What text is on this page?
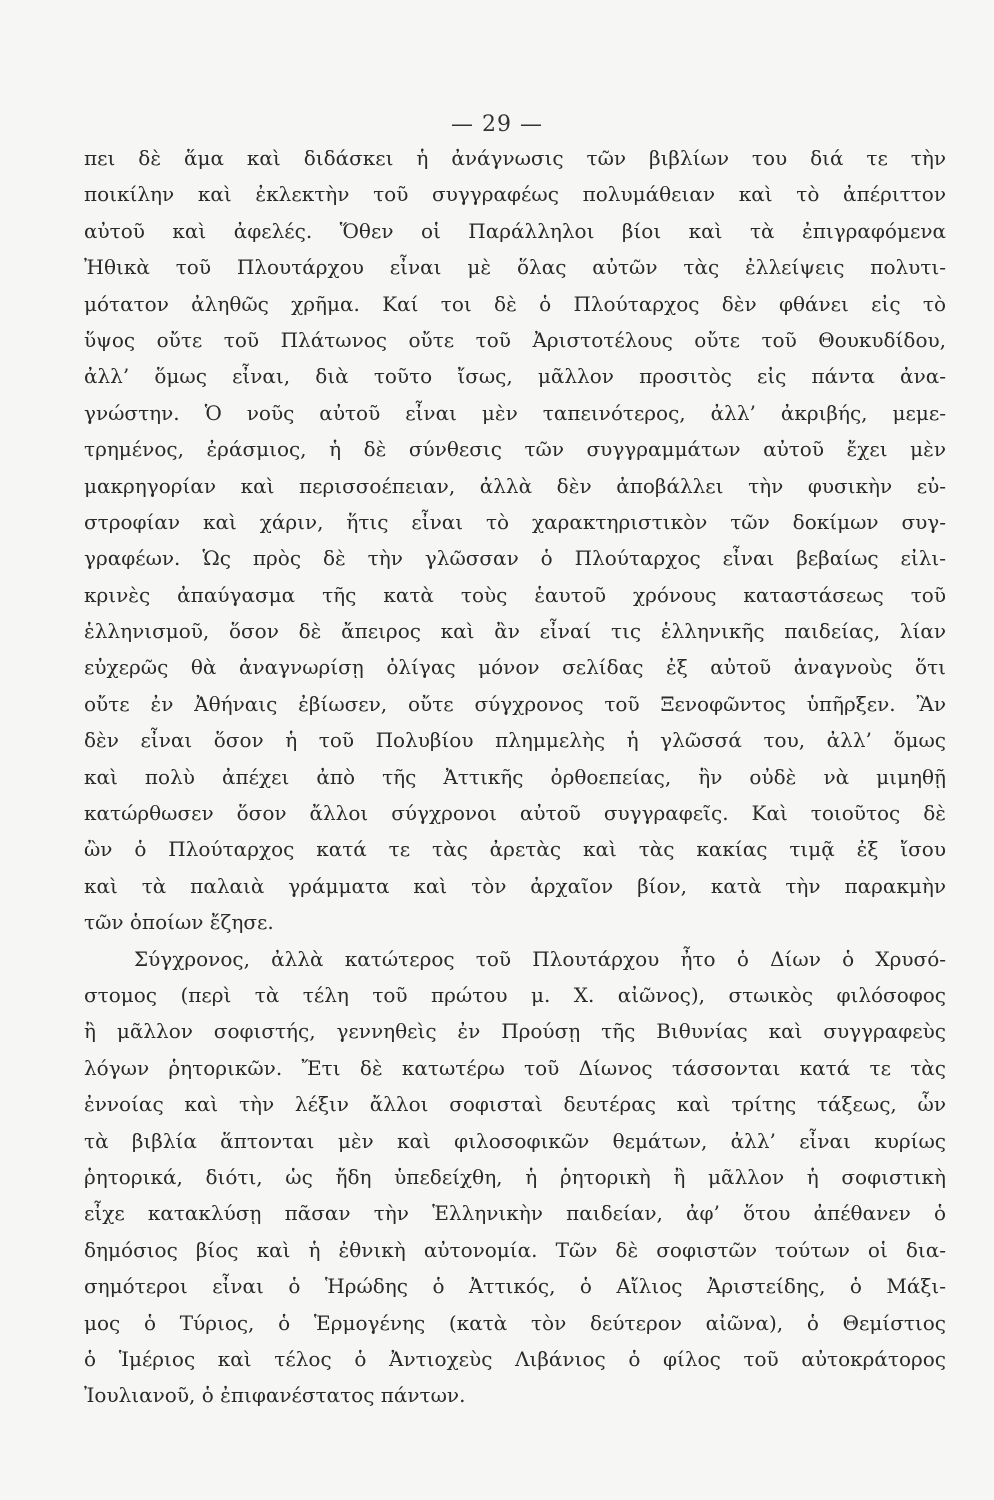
— 29 —
πει δὲ ἅμα καὶ διδάσκει ἡ ἀνάγνωσις τῶν βιβλίων του διά τε τὴν
ποικίλην καὶ ἐκλεκτὴν τοῦ συγγραφέως πολυμάθειαν καὶ τὸ ἀπέριττον
αὐτοῦ καὶ ἀφελές. Ὅθεν οἱ Παράλληλοι βίοι καὶ τὰ ἐπιγραφόμενα
Ἠθικὰ τοῦ Πλουτάρχου εἶναι μὲ ὅλας αὐτῶν τὰς ἐλλείψεις πολυτι-
μότατον ἀληθῶς χρῆμα. Καί τοι δὲ ὁ Πλούταρχος δὲν φθάνει εἰς τὸ
ὕψος οὔτε τοῦ Πλάτωνος οὔτε τοῦ Ἀριστοτέλους οὔτε τοῦ Θουκυδίδου,
ἀλλ’ ὅμως εἶναι, διὰ τοῦτο ἴσως, μᾶλλον προσιτὸς εἰς πάντα ἀνα-
γνώστην. Ὁ νοῦς αὐτοῦ εἶναι μὲν ταπεινότερος, ἀλλ’ ἀκριβής, μεμε-
τρημένος, ἐράσμιος, ἡ δὲ σύνθεσις τῶν συγγραμμάτων αὐτοῦ ἔχει μὲν
μακρηγορίαν καὶ περισσοέπειαν, ἀλλὰ δὲν ἀποβάλλει τὴν φυσικὴν εὐ-
στροφίαν καὶ χάριν, ἥτις εἶναι τὸ χαρακτηριστικὸν τῶν δοκίμων συγ-
γραφέων. Ὡς πρὸς δὲ τὴν γλῶσσαν ὁ Πλούταρχος εἶναι βεβαίως εἰλι-
κρινὲς ἀπαύγασμα τῆς κατὰ τοὺς ἑαυτοῦ χρόνους καταστάσεως τοῦ
ἑλληνισμοῦ, ὅσον δὲ ἄπειρος καὶ ἂν εἶναί τις ἑλληνικῆς παιδείας, λίαν
εὐχερῶς θὰ ἀναγνωρίσῃ ὀλίγας μόνον σελίδας ἐξ αὐτοῦ ἀναγνοὺς ὅτι
οὔτε ἐν Ἀθήναις ἐβίωσεν, οὔτε σύγχρονος τοῦ Ξενοφῶντος ὑπῆρξεν. Ἂν
δὲν εἶναι ὅσον ἡ τοῦ Πολυβίου πλημμελὴς ἡ γλῶσσά του, ἀλλ’ ὅμως
καὶ πολὺ ἀπέχει ἀπὸ τῆς Ἀττικῆς ὀρθοεπείας, ἣν οὐδὲ νὰ μιμηθῇ
κατώρθωσεν ὅσον ἄλλοι σύγχρονοι αὐτοῦ συγγραφεῖς. Καὶ τοιοῦτος δὲ
ὢν ὁ Πλούταρχος κατά τε τὰς ἀρετὰς καὶ τὰς κακίας τιμᾷ ἐξ ἴσου
καὶ τὰ παλαιὰ γράμματα καὶ τὸν ἀρχαῖον βίον, κατὰ τὴν παρακμὴν
τῶν ὁποίων ἔζησε.
Σύγχρονος, ἀλλὰ κατώτερος τοῦ Πλουτάρχου ἦτο ὁ Δίων ὁ Χρυσό-
στομος (περὶ τὰ τέλη τοῦ πρώτου μ. Χ. αἰῶνος), στωικὸς φιλόσοφος
ἢ μᾶλλον σοφιστής, γεννηθεὶς ἐν Προύσῃ τῆς Βιθυνίας καὶ συγγραφεὺς
λόγων ῥητορικῶν. Ἔτι δὲ κατωτέρω τοῦ Δίωνος τάσσονται κατά τε τὰς
ἐννοίας καὶ τὴν λέξιν ἄλλοι σοφισταὶ δευτέρας καὶ τρίτης τάξεως, ὧν
τὰ βιβλία ἅπτονται μὲν καὶ φιλοσοφικῶν θεμάτων, ἀλλ’ εἶναι κυρίως
ῥητορικά, διότι, ὡς ἤδη ὑπεδείχθη, ἡ ῥητορικὴ ἢ μᾶλλον ἡ σοφιστικὴ
εἶχε κατακλύσῃ πᾶσαν τὴν Ἑλληνικὴν παιδείαν, ἀφ’ ὅτου ἀπέθανεν ὁ
δημόσιος βίος καὶ ἡ ἐθνικὴ αὐτονομία. Τῶν δὲ σοφιστῶν τούτων οἱ δια-
σημότεροι εἶναι ὁ Ἡρώδης ὁ Ἀττικός, ὁ Αἴλιος Ἀριστείδης, ὁ Μάξι-
μος ὁ Τύριος, ὁ Ἑρμογένης (κατὰ τὸν δεύτερον αἰῶνα), ὁ Θεμίστιος
ὁ Ἱμέριος καὶ τέλος ὁ Ἀντιοχεὺς Λιβάνιος ὁ φίλος τοῦ αὐτοκράτορος
Ἰουλιανοῦ, ὁ ἐπιφανέστατος πάντων.
